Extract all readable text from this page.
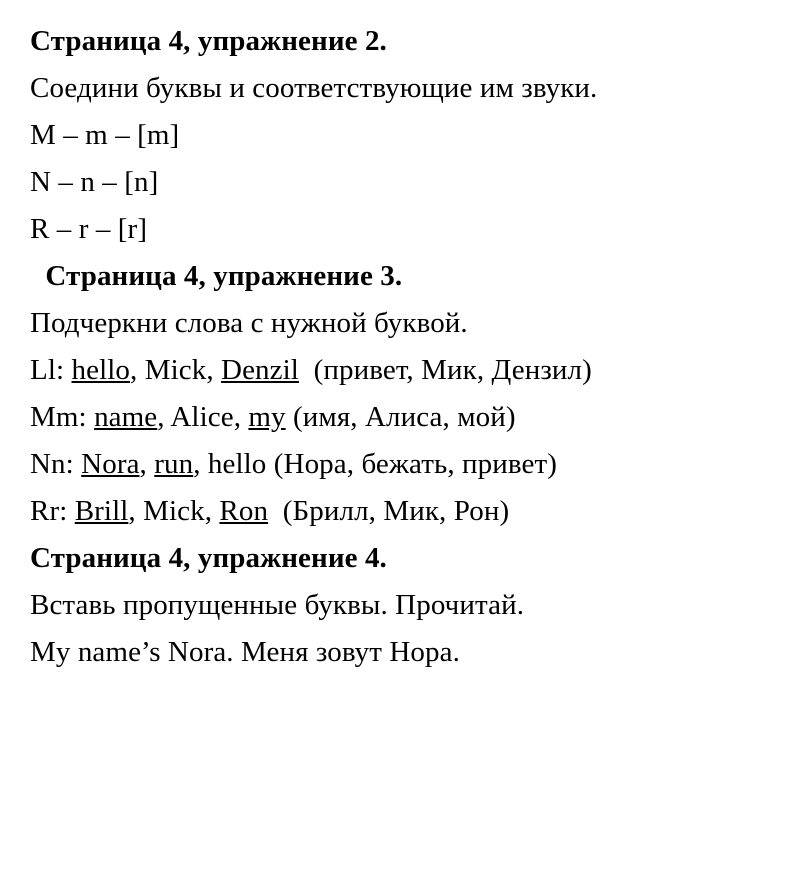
Страница 4, упражнение 2.

Соедини буквы и соответствующие им звуки.

M – m – [m]

N – n – [n]

R – r – [r]

Страница 4, упражнение 3.

Подчеркни слова с нужной буквой.

Ll: hello, Mick, Denzil  (привет, Мик, Дензил)

Mm: name, Alice, my (имя, Алиса, мой)

Nn: Nora, run, hello (Нора, бежать, привет)

Rr: Brill, Mick, Ron  (Брилл, Мик, Рон)

Страница 4, упражнение 4.

Вставь пропущенные буквы. Прочитай.

My name’s Nora. Меня зовут Нора.
